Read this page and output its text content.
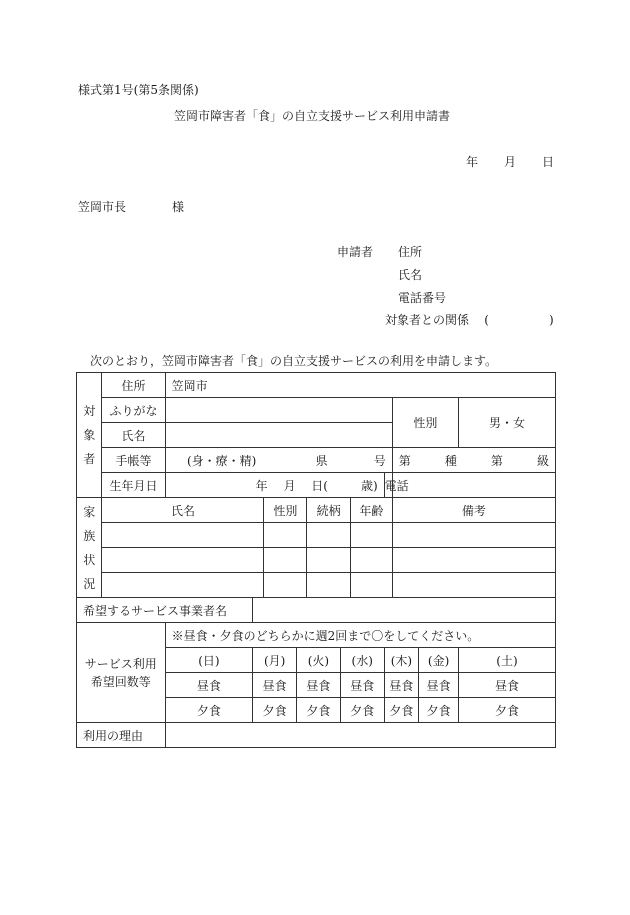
様式第1号(第5条関係)
笠岡市障害者「食」の自立支援サービス利用申請書
年 月 日
笠岡市長	様
申請者 住所
氏名
電話番号
対象者との関係 (	)
次のとおり，笠岡市障害者「食」の自立支援サービスの利用を申請します。
対
象
者	住所	笠岡市										
	ふりがな									性別		男・女
	氏名											
	手帳等	(身・療・精) 県 号								第 種 第 級		

	生年月日	年 月 日( 歳)							電話			

家
族
状
況	氏名			性別		続柄		年齢		備考		

希望するサービス事業者名												

サービス利用
希望回数等		※昼食・夕食のどちらかに週2回まで〇をしてください。										
		(日)	(月)		(火)		(水)		(木)		(金)	(土)
		昼食	昼食		昼食		昼食		昼食		昼食	昼食
		夕食	夕食		夕食		夕食		夕食		夕食	夕食
利用の理由												
